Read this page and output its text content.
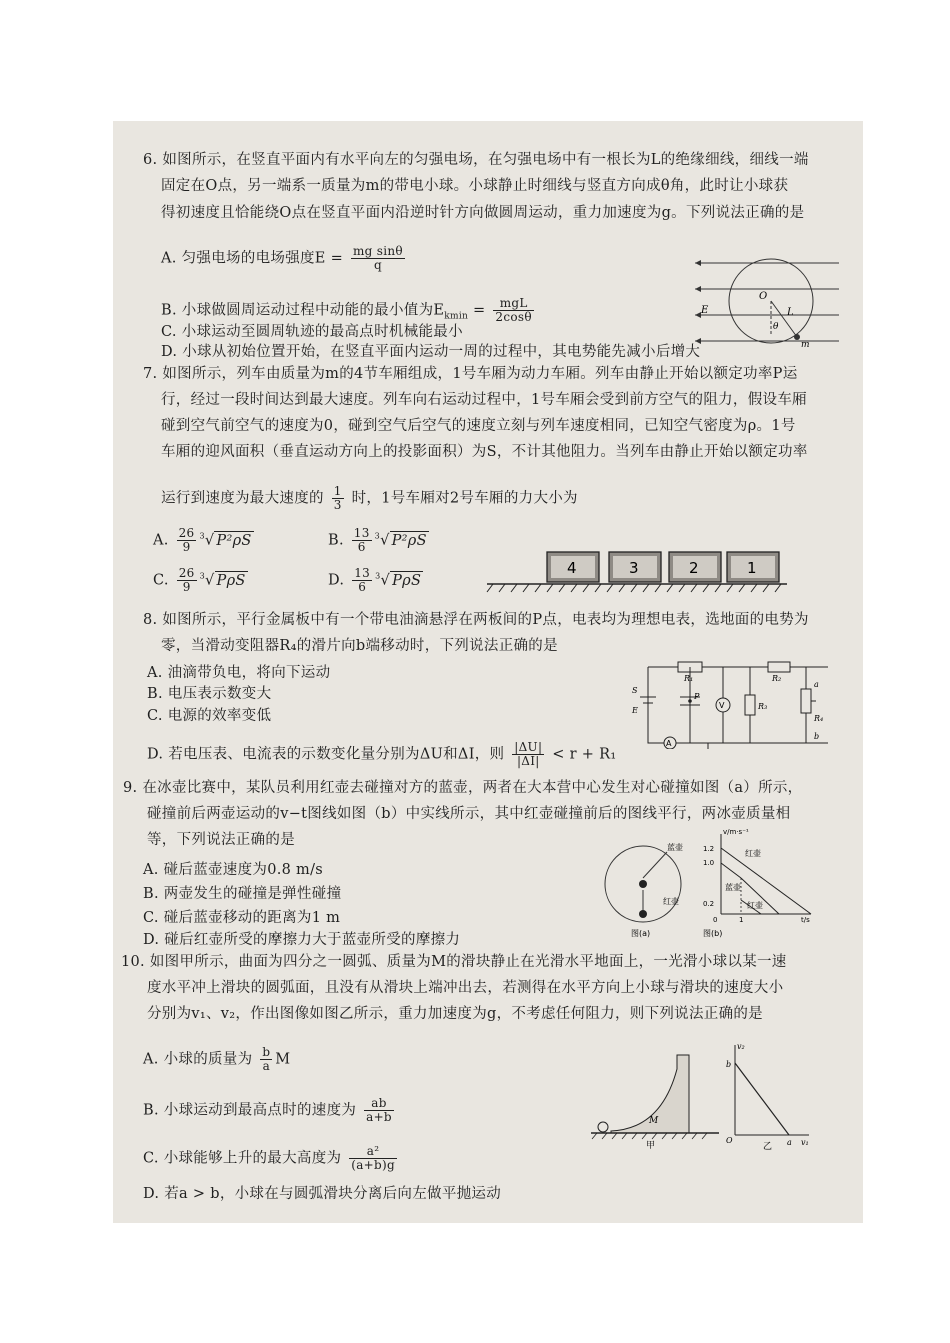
6. 如图所示，在竖直平面内有水平向左的匀强电场，在匀强电场中有一根长为L的绝缘细线，细线一端
固定在O点，另一端系一质量为m的带电小球。小球静止时细线与竖直方向成θ角，此时让小球获
得初速度且恰能绕O点在竖直平面内沿逆时针方向做圆周运动，重力加速度为g。下列说法正确的是
A. 匀强电场的电场强度$E = \frac{\text{mg sinθ}}{q}$
B. 小球做圆周运动过程中动能的最小值为$E_{kmin} = \frac{\text{mgL}}{2\cos\theta}$
C. 小球运动至圆周轨迹的最高点时机械能最小
D. 小球从初始位置开始，在竖直平面内运动一周的过程中，其电势能先减小后增大
E
O
L
θ
m
7. 如图所示，列车由质量为m的4节车厢组成，1号车厢为动力车厢。列车由静止开始以额定功率P运
行，经过一段时间达到最大速度。列车向右运动过程中，1号车厢会受到前方空气的阻力，假设车厢
碰到空气前空气的速度为0，碰到空气后空气的速度立刻与列车速度相同，已知空气密度为ρ。1号
车厢的迎风面积（垂直运动方向上的投影面积）为S，不计其他阻力。当列车由静止开始以额定功率
运行到速度为最大速度的 $\frac{1}{3}$ 时，1号车厢对2号车厢的力大小为
A. $\frac{26}{9} ^3√$ P²ρS	B. $\frac{13}{6} ^3√$ P²ρS
C. $\frac{26}{9} ^3√$ PρS	D. $\frac{13}{6} ^3√$ PρS
4	3	2	1
8. 如图所示，平行金属板中有一个带电油滴悬浮在两板间的P点，电表均为理想电表，选地面的电势为
零，当滑动变阻器R₄的滑片向b端移动时，下列说法正确的是
A. 油滴带负电，将向下运动
B. 电压表示数变大
C. 电源的效率变低
D. 若电压表、电流表的示数变化量分别为ΔU和ΔI，则 $\frac{|\Delta U|}{|\Delta I|} < r + R_1$
R₁
R₃
R₂
R₄
V
A
P
S
E
a
b
9. 在冰壶比赛中，某队员利用红壶去碰撞对方的蓝壶，两者在大本营中心发生对心碰撞如图（a）所示，
碰撞前后两壶运动的v−t图线如图（b）中实线所示，其中红壶碰撞前后的图线平行，两冰壶质量相
等，下列说法正确的是
A. 碰后蓝壶速度为0.8 m/s
B. 两壶发生的碰撞是弹性碰撞
C. 碰后蓝壶移动的距离为1 m
D. 碰后红壶所受的摩擦力大于蓝壶所受的摩擦力
蓝壶
红壶
图(a)
v/m·s⁻¹
1.2
1.0
0.2
0	1	t/s
红壶
蓝壶
红壶
图(b)
10. 如图甲所示，曲面为四分之一圆弧、质量为M的滑块静止在光滑水平地面上，一光滑小球以某一速
度水平冲上滑块的圆弧面，且没有从滑块上端冲出去，若测得在水平方向上小球与滑块的速度大小
分别为v₁、v₂，作出图像如图乙所示，重力加速度为g，不考虑任何阻力，则下列说法正确的是
A. 小球的质量为 $\frac{b}{a}$ M
B. 小球运动到最高点时的速度为 $\frac{ab}{a+b}$
C. 小球能够上升的最大高度为 $\frac{\text{a²}}{(a+b)g}$
D. 若a > b，小球在与圆弧滑块分离后向左做平抛运动
M
甲
v₂
b
O	a v₁
乙
